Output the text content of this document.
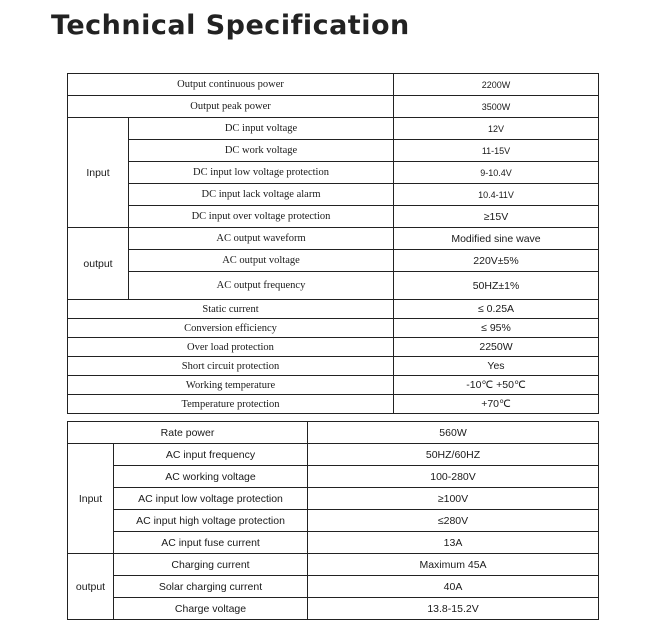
Technical Specification
Output continuous power		2200W
Output peak power		3500W
Input	DC input voltage	12V
	DC work voltage	11-15V
	DC input low voltage protection	9-10.4V
	DC input lack voltage alarm	10.4-11V
	DC input over voltage protection	≥15V
output	AC output waveform	Modified sine wave
	AC output voltage	220V±5%
	AC output frequency	50HZ±1%
Static current		≤ 0.25A
Conversion efficiency		≤ 95%
Over load protection		2250W
Short circuit protection		Yes
Working temperature		-10℃ +50℃
Temperature protection		+70℃
Rate power		560W
Input	AC input frequency	50HZ/60HZ
	AC working voltage	100-280V
	AC input low voltage protection	≥100V
	AC input high voltage protection	≤280V
	AC input fuse current	13A
output	Charging current	Maximum 45A
	Solar charging current	40A
	Charge voltage	13.8-15.2V
